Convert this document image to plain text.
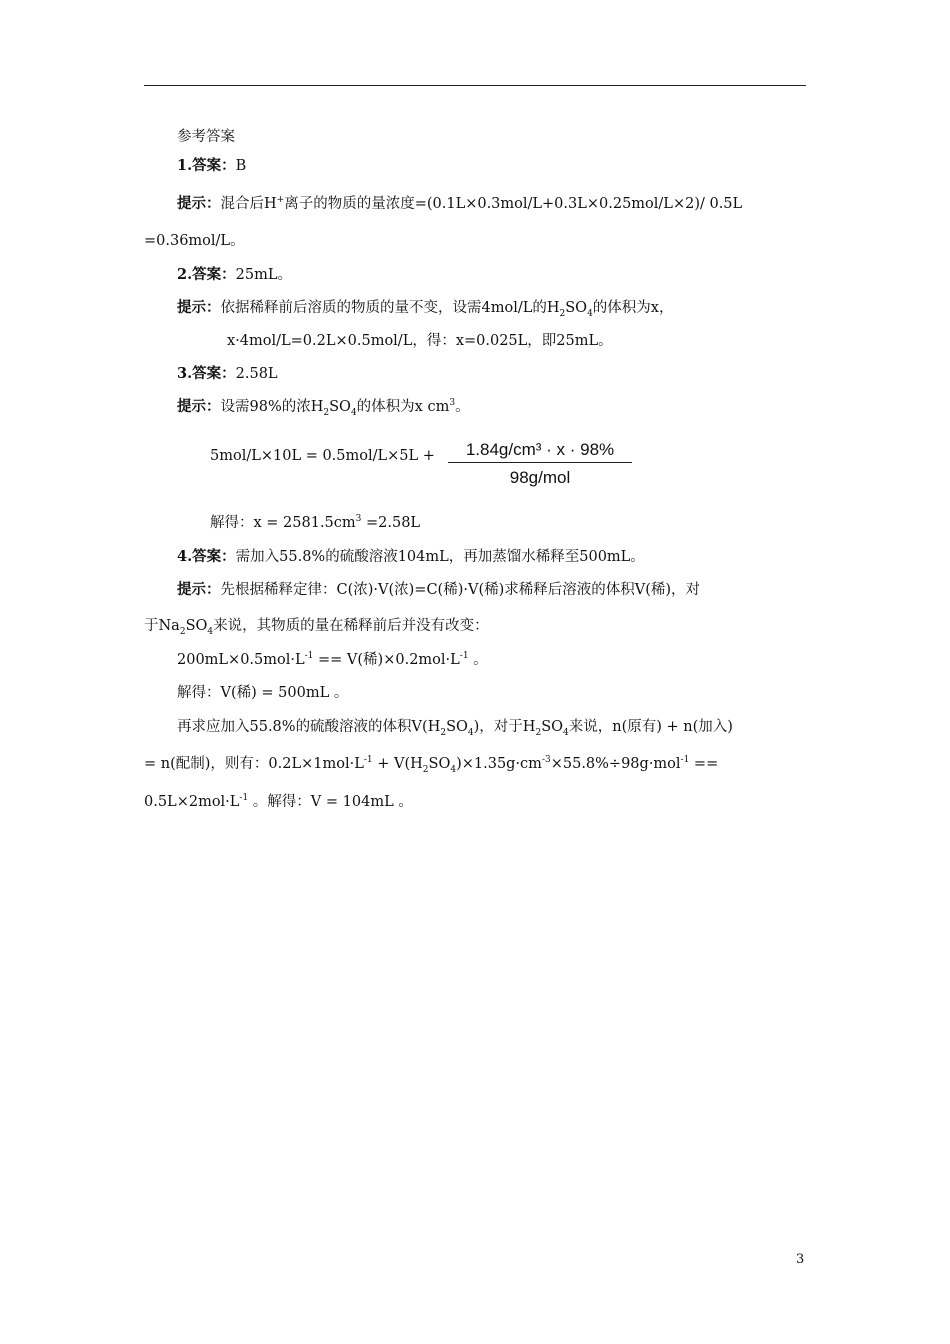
参考答案
1.答案：B
提示：混合后H+离子的物质的量浓度=(0.1L×0.3mol/L+0.3L×0.25mol/L×2)/ 0.5L
=0.36mol/L。
2.答案：25mL。
提示：依据稀释前后溶质的物质的量不变，设需4mol/L的$H_2SO_4$的体积为x，
x·4mol/L=0.2L×0.5mol/L，得：x=0.025L，即25mL。
3.答案：2.58L
提示：设需98%的浓$H_2SO_4$的体积为x $cm^3$。
5mol/L×10L = 0.5mol/L×5L +	1.84g/cm³ · x · 98%
98g/mol
解得：$x = 2581.5cm^3 =2.58L$
4.答案：需加入55.8%的硫酸溶液104mL，再加蒸馏水稀释至500mL。
提示：先根据稀释定律：C(浓)·V(浓)=C(稀)·V(稀)求稀释后溶液的体积V(稀)，对
于$Na_2SO_4$来说，其物质的量在稀释前后并没有改变：
$200mL\times 0.5mol\cdot L^{-1} == V$(稀)$\times 0.2mol\cdot L^{-1}$ 。
解得：V(稀) = 500mL 。
再求应加入55.8%的硫酸溶液的体积$V(H_2SO_4)$，对于$H_2SO_4$来说，n(原有) + n(加入)
= n(配制)，则有：$0.2L\times 1mol\cdot L^{-1} + V(H_2SO_4)\times 1.35g\cdot cm^{-3}\times 55.8\%\div 98g\cdot mol^{-1}$ ==
$0.5L\times 2mol\cdot L^{-1}$ 。解得：V = 104mL 。
3
